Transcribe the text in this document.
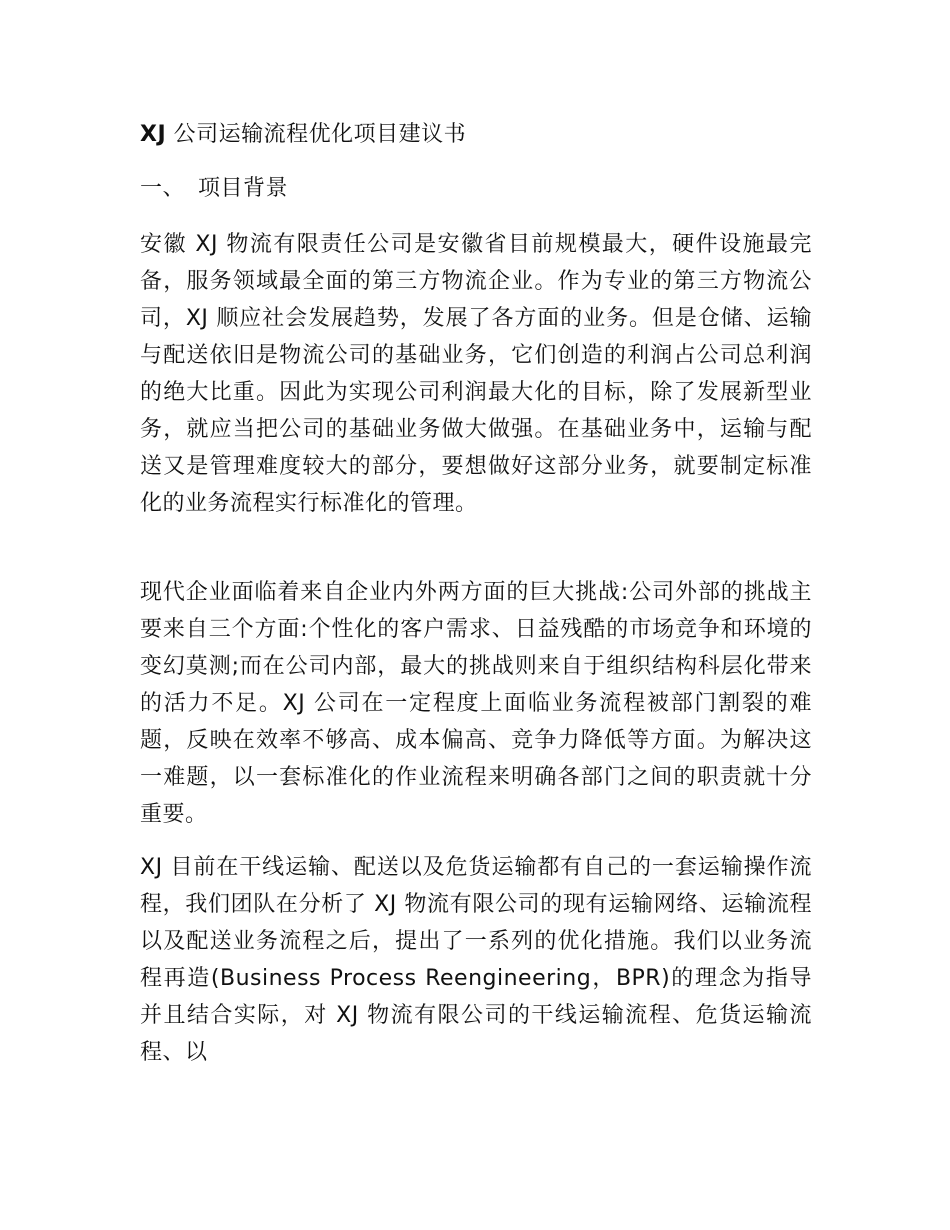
XJ 公司运输流程优化项目建议书
一、 项目背景

安徽 XJ 物流有限责任公司是安徽省目前规模最大，硬件设施最完备，服务领域最全面的第三方物流企业。作为专业的第三方物流公司，XJ 顺应社会发展趋势，发展了各方面的业务。但是仓储、运输与配送依旧是物流公司的基础业务，它们创造的利润占公司总利润的绝大比重。因此为实现公司利润最大化的目标，除了发展新型业务，就应当把公司的基础业务做大做强。在基础业务中，运输与配送又是管理难度较大的部分，要想做好这部分业务，就要制定标准化的业务流程实行标准化的管理。

现代企业面临着来自企业内外两方面的巨大挑战:公司外部的挑战主要来自三个方面:个性化的客户需求、日益残酷的市场竞争和环境的变幻莫测;而在公司内部，最大的挑战则来自于组织结构科层化带来的活力不足。XJ 公司在一定程度上面临业务流程被部门割裂的难题，反映在效率不够高、成本偏高、竞争力降低等方面。为解决这一难题，以一套标准化的作业流程来明确各部门之间的职责就十分重要。

XJ 目前在干线运输、配送以及危货运输都有自己的一套运输操作流程，我们团队在分析了 XJ 物流有限公司的现有运输网络、运输流程以及配送业务流程之后，提出了一系列的优化措施。我们以业务流程再造(Business Process Reengineering，BPR)的理念为指导并且结合实际，对 XJ 物流有限公司的干线运输流程、危货运输流程、以
